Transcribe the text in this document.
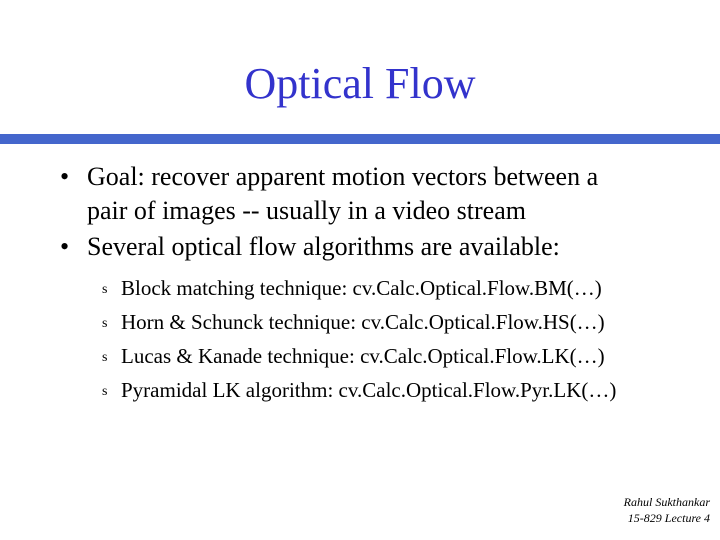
Optical Flow
• Goal: recover apparent motion vectors between a
pair of images -- usually in a video stream
• Several optical flow algorithms are available:
s Block matching technique: cv.Calc.Optical.Flow.BM(…)
s Horn & Schunck technique: cv.Calc.Optical.Flow.HS(…)
s Lucas & Kanade technique: cv.Calc.Optical.Flow.LK(…)
s Pyramidal LK algorithm: cv.Calc.Optical.Flow.Pyr.LK(…)
Rahul Sukthankar
15-829 Lecture 4
